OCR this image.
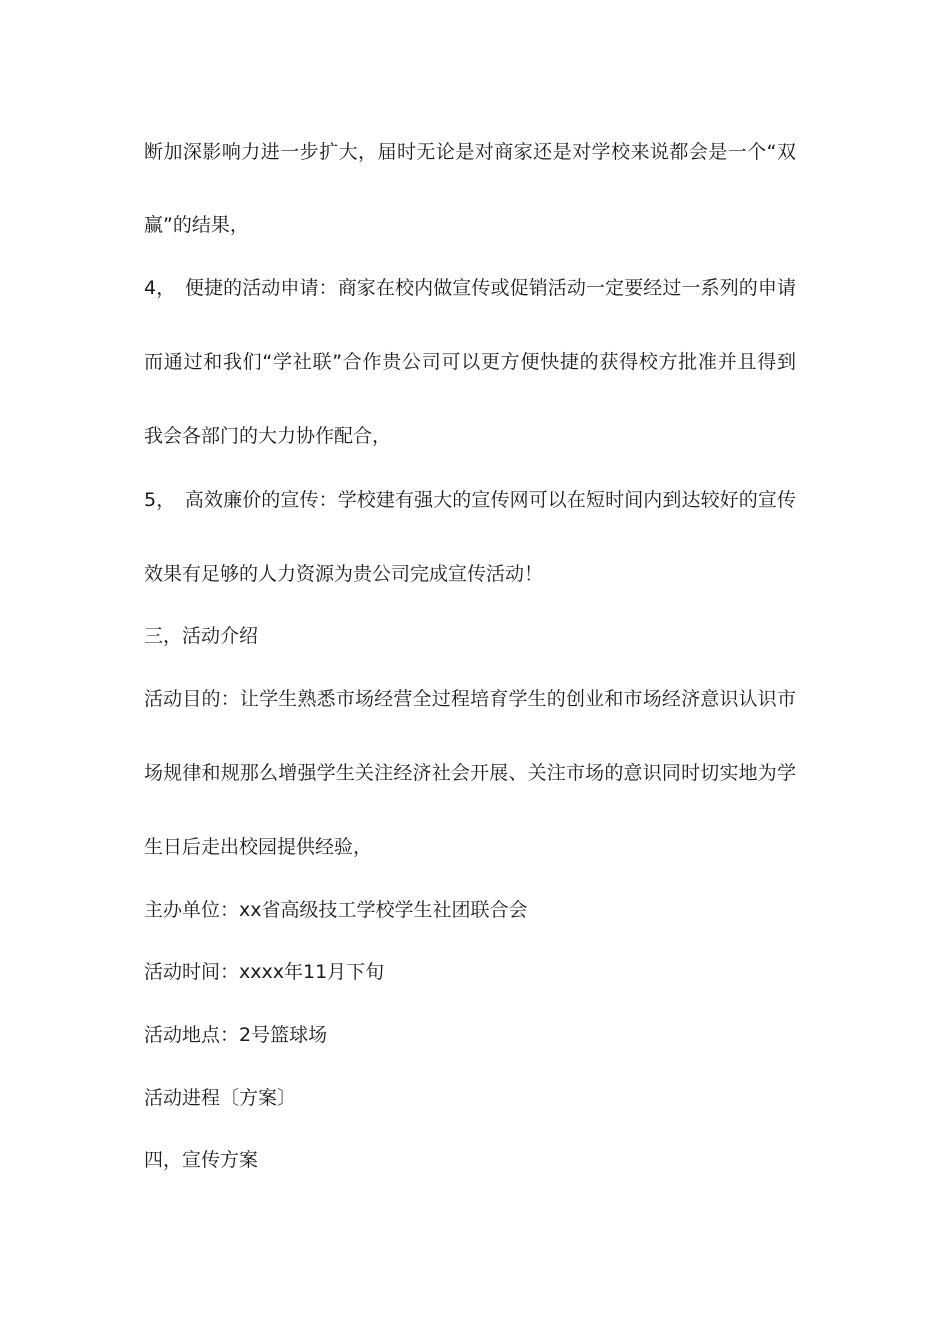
断加深影响力进一步扩大，届时无论是对商家还是对学校来说都会是一个“双
赢”的结果，
4，　便捷的活动申请：商家在校内做宣传或促销活动一定要经过一系列的申请
而通过和我们“学社联”合作贵公司可以更方便快捷的获得校方批准并且得到
我会各部门的大力协作配合，
5，　高效廉价的宣传：学校建有强大的宣传网可以在短时间内到达较好的宣传
效果有足够的人力资源为贵公司完成宣传活动！
三，活动介绍
活动目的：让学生熟悉市场经营全过程培育学生的创业和市场经济意识认识市
场规律和规那么增强学生关注经济社会开展、关注市场的意识同时切实地为学
生日后走出校园提供经验，
主办单位：xx省高级技工学校学生社团联合会
活动时间：xxxx年11月下旬
活动地点：2号篮球场
活动进程〔方案〕
四，宣传方案
